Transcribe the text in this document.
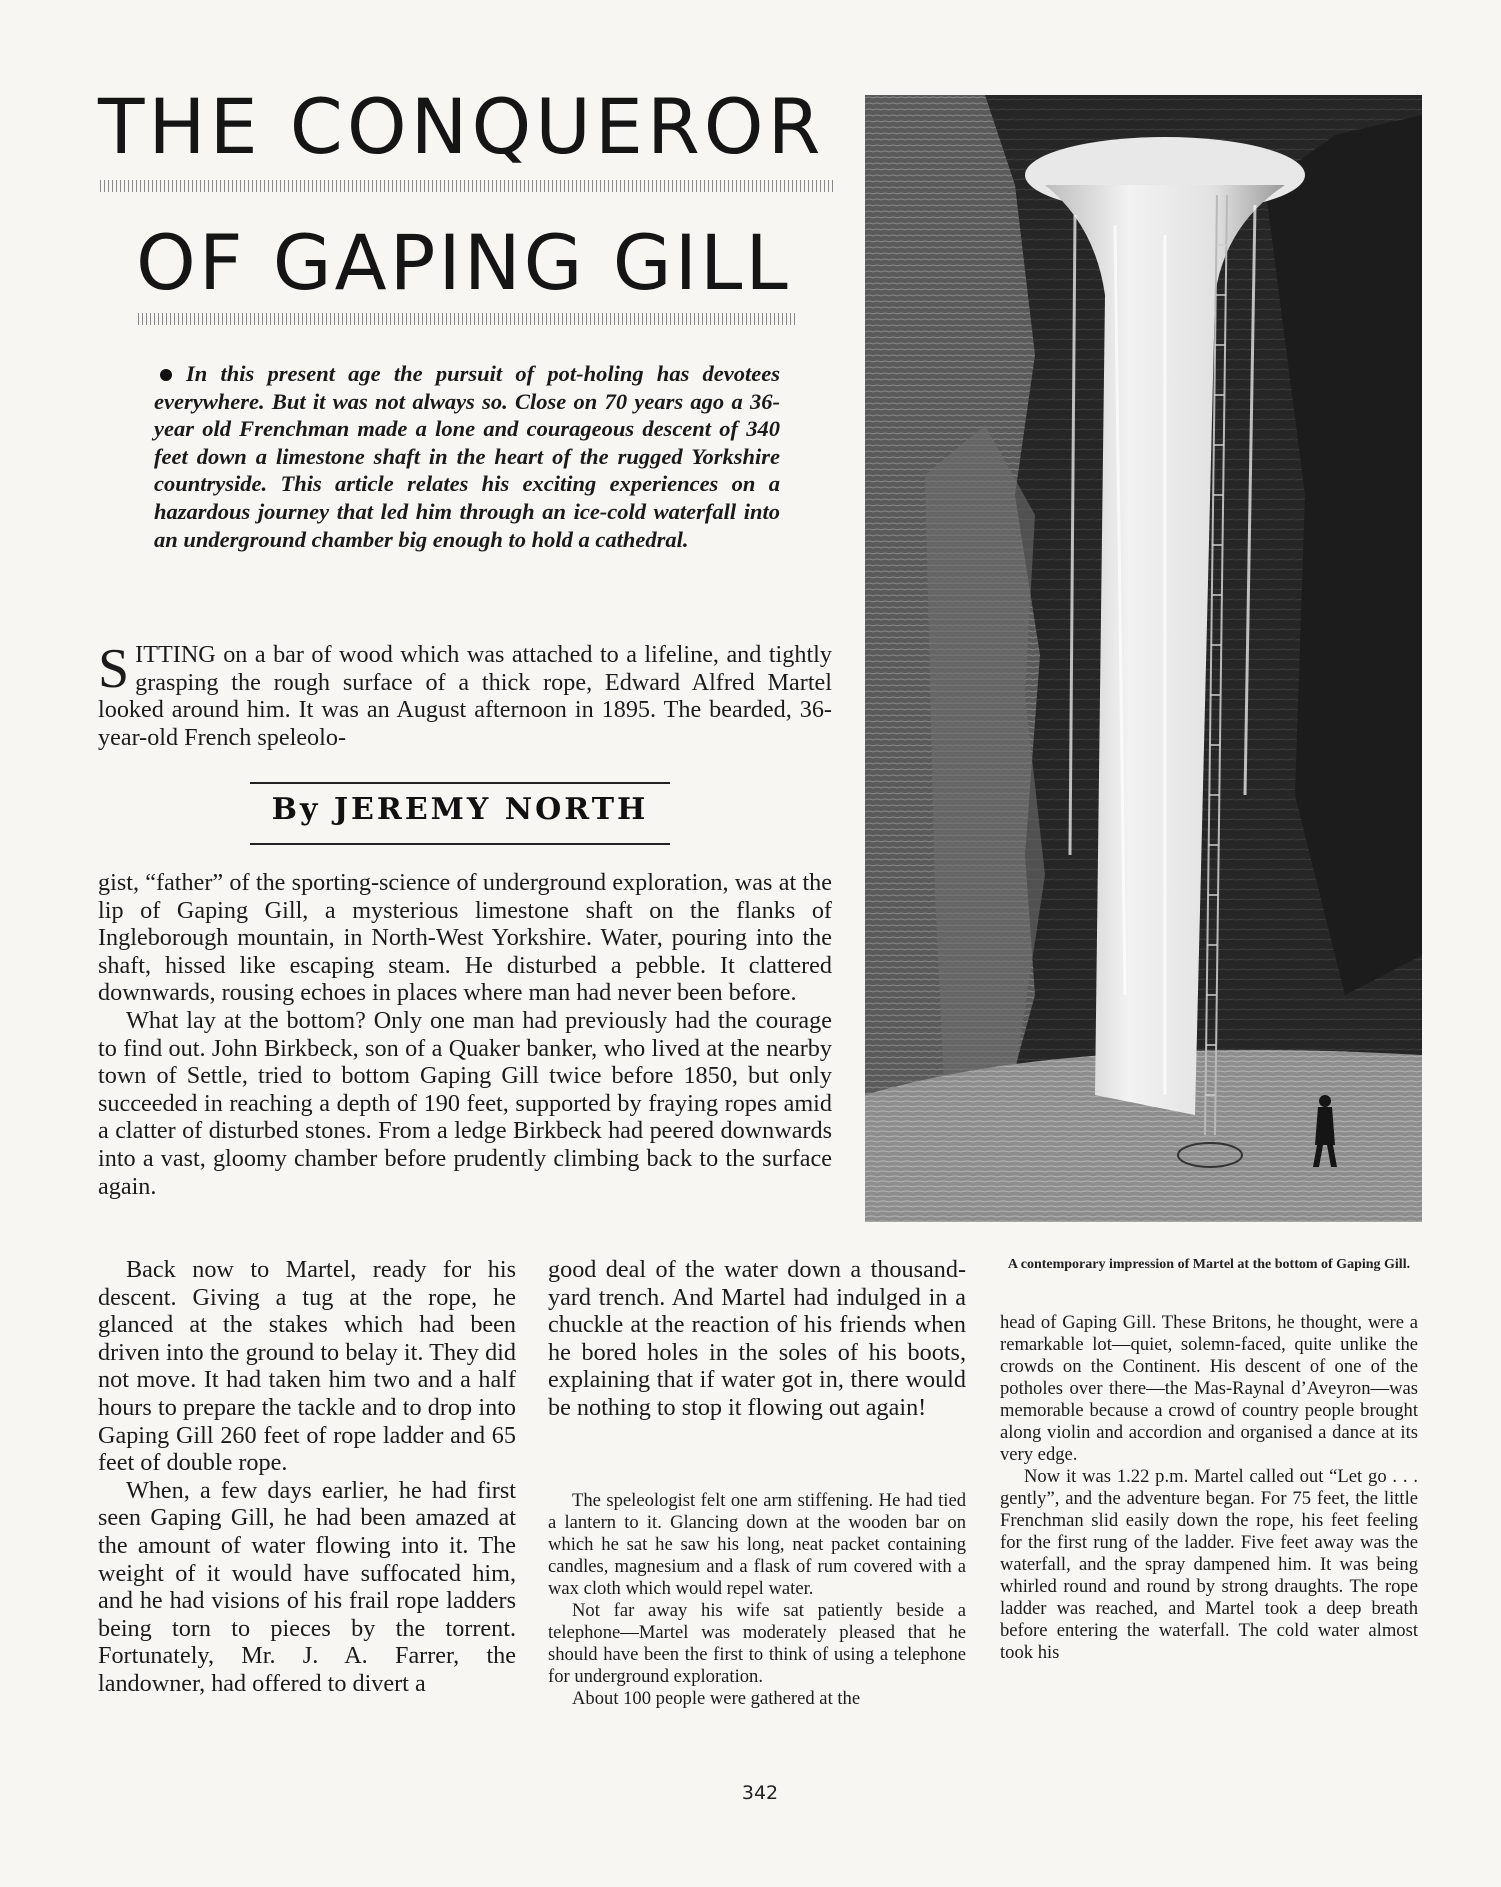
THE CONQUEROR
OF GAPING GILL
In this present age the pursuit of pot-holing has devotees everywhere. But it was not always so. Close on 70 years ago a 36-year old Frenchman made a lone and courageous descent of 340 feet down a limestone shaft in the heart of the rugged Yorkshire countryside. This article relates his exciting experiences on a hazardous journey that led him through an ice-cold waterfall into an underground chamber big enough to hold a cathedral.
SITTING on a bar of wood which was attached to a lifeline, and tightly grasping the rough surface of a thick rope, Edward Alfred Martel looked around him. It was an August afternoon in 1895. The bearded, 36-year-old French speleolo-
By JEREMY NORTH

gist, “father” of the sporting-science of underground exploration, was at the lip of Gaping Gill, a mysterious limestone shaft on the flanks of Ingleborough mountain, in North-West Yorkshire. Water, pouring into the shaft, hissed like escaping steam. He disturbed a pebble. It clattered downwards, rousing echoes in places where man had never been before.

What lay at the bottom? Only one man had previously had the courage to find out. John Birkbeck, son of a Quaker banker, who lived at the nearby town of Settle, tried to bottom Gaping Gill twice before 1850, but only succeeded in reaching a depth of 190 feet, supported by fraying ropes amid a clatter of disturbed stones. From a ledge Birkbeck had peered downwards into a vast, gloomy chamber before prudently climbing back to the surface again.

Back now to Martel, ready for his descent. Giving a tug at the rope, he glanced at the stakes which had been driven into the ground to belay it. They did not move. It had taken him two and a half hours to prepare the tackle and to drop into Gaping Gill 260 feet of rope ladder and 65 feet of double rope.

When, a few days earlier, he had first seen Gaping Gill, he had been amazed at the amount of water flowing into it. The weight of it would have suffocated him, and he had visions of his frail rope ladders being torn to pieces by the torrent. Fortunately, Mr. J. A. Farrer, the landowner, had offered to divert a

good deal of the water down a thousand-yard trench. And Martel had indulged in a chuckle at the reaction of his friends when he bored holes in the soles of his boots, explaining that if water got in, there would be nothing to stop it flowing out again!

The speleologist felt one arm stiffening. He had tied a lantern to it. Glancing down at the wooden bar on which he sat he saw his long, neat packet containing candles, magnesium and a flask of rum covered with a wax cloth which would repel water.

Not far away his wife sat patiently beside a telephone—Martel was moderately pleased that he should have been the first to think of using a telephone for underground exploration.

About 100 people were gathered at the

A contemporary impression of Martel at the bottom of Gaping Gill.

head of Gaping Gill. These Britons, he thought, were a remarkable lot—quiet, solemn-faced, quite unlike the crowds on the Continent. His descent of one of the potholes over there—the Mas-Raynal d’Aveyron—was memorable because a crowd of country people brought along violin and accordion and organised a dance at its very edge.

Now it was 1.22 p.m. Martel called out “Let go . . . gently”, and the adventure began. For 75 feet, the little Frenchman slid easily down the rope, his feet feeling for the first rung of the ladder. Five feet away was the waterfall, and the spray dampened him. It was being whirled round and round by strong draughts. The rope ladder was reached, and Martel took a deep breath before entering the waterfall. The cold water almost took his

342
